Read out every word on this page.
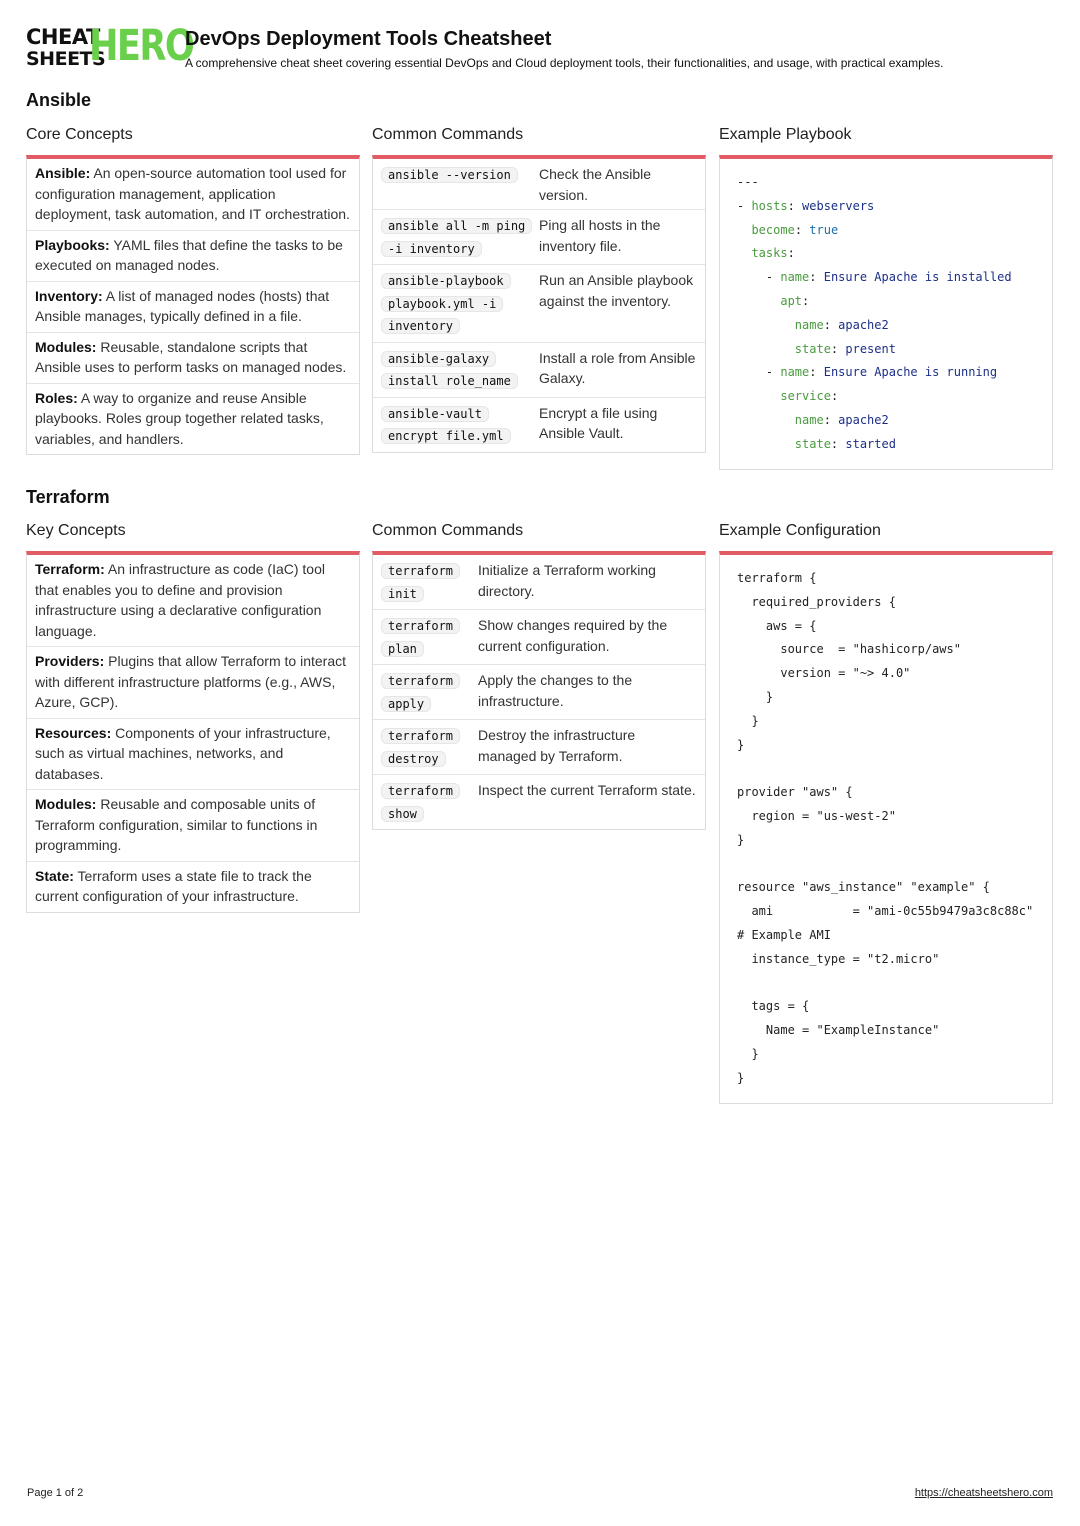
CHEAT
SHEETS
HERO
DevOps Deployment Tools Cheatsheet
A comprehensive cheat sheet covering essential DevOps and Cloud deployment tools, their functionalities, and usage, with practical examples.
Ansible
Core Concepts
Ansible: An open-source automation tool used for configuration management, application deployment, task automation, and IT orchestration.
Playbooks: YAML files that define the tasks to be executed on managed nodes.
Inventory: A list of managed nodes (hosts) that Ansible manages, typically defined in a file.
Modules: Reusable, standalone scripts that Ansible uses to perform tasks on managed nodes.
Roles: A way to organize and reuse Ansible playbooks. Roles group together related tasks, variables, and handlers.
Common Commands
ansible --version	Check the Ansible version.
ansible all -m ping -i inventory
Ping all hosts in the inventory file.
ansible-playbook playbook.yml -i inventory
Run an Ansible playbook against the inventory.
ansible-galaxy install role_name
Install a role from Ansible Galaxy.
ansible-vault encrypt file.yml
Encrypt a file using Ansible Vault.
Example Playbook
---
- hosts: webservers
become: true
tasks:
- name: Ensure Apache is installed
apt:
name: apache2
state: present
- name: Ensure Apache is running
service:
name: apache2
state: started
Terraform
Key Concepts
Terraform: An infrastructure as code (IaC) tool that enables you to define and provision infrastructure using a declarative configuration language.
Providers: Plugins that allow Terraform to interact with different infrastructure platforms (e.g., AWS, Azure, GCP).
Resources: Components of your infrastructure, such as virtual machines, networks, and databases.
Modules: Reusable and composable units of Terraform configuration, similar to functions in programming.
State: Terraform uses a state file to track the current configuration of your infrastructure.
Common Commands
terraform init
Initialize a Terraform working directory.
terraform plan
Show changes required by the current configuration.
terraform apply
Apply the changes to the infrastructure.
terraform destroy
Destroy the infrastructure managed by Terraform.
terraform show
Inspect the current Terraform state.
Example Configuration
terraform {
required_providers {
aws = {
source  = "hashicorp/aws"
version = "~> 4.0"
}
}
}

provider "aws" {
region = "us-west-2"
}

resource "aws_instance" "example" {
ami           = "ami-0c55b9479a3c8c88c" # Example AMI
instance_type = "t2.micro"

tags = {
Name = "ExampleInstance"
}
}
Page 1 of 2	https://cheatsheetshero.com
